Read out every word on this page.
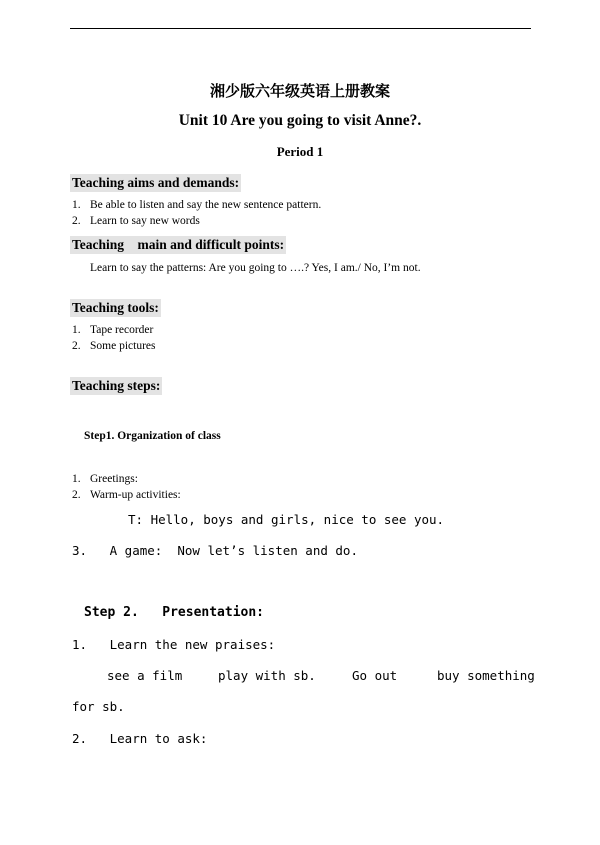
湘少版六年级英语上册教案
Unit 10 Are you going to visit Anne?.
Period 1
Teaching aims and demands:
1. Be able to listen and say the new sentence pattern.
2. Learn to say new words
Teaching    main and difficult points:
Learn to say the patterns: Are you going to ….? Yes, I am./ No, I’m not.
Teaching tools:
1. Tape recorder
2. Some pictures
Teaching steps:
Step1. Organization of class
1. Greetings:
2. Warm-up activities:
T: Hello, boys and girls, nice to see you.
3.   A game:  Now let’s listen and do.
Step 2.   Presentation:
1.   Learn the new praises:
see a film	play with sb.	Go out	buy something
for sb.
2.   Learn to ask:
